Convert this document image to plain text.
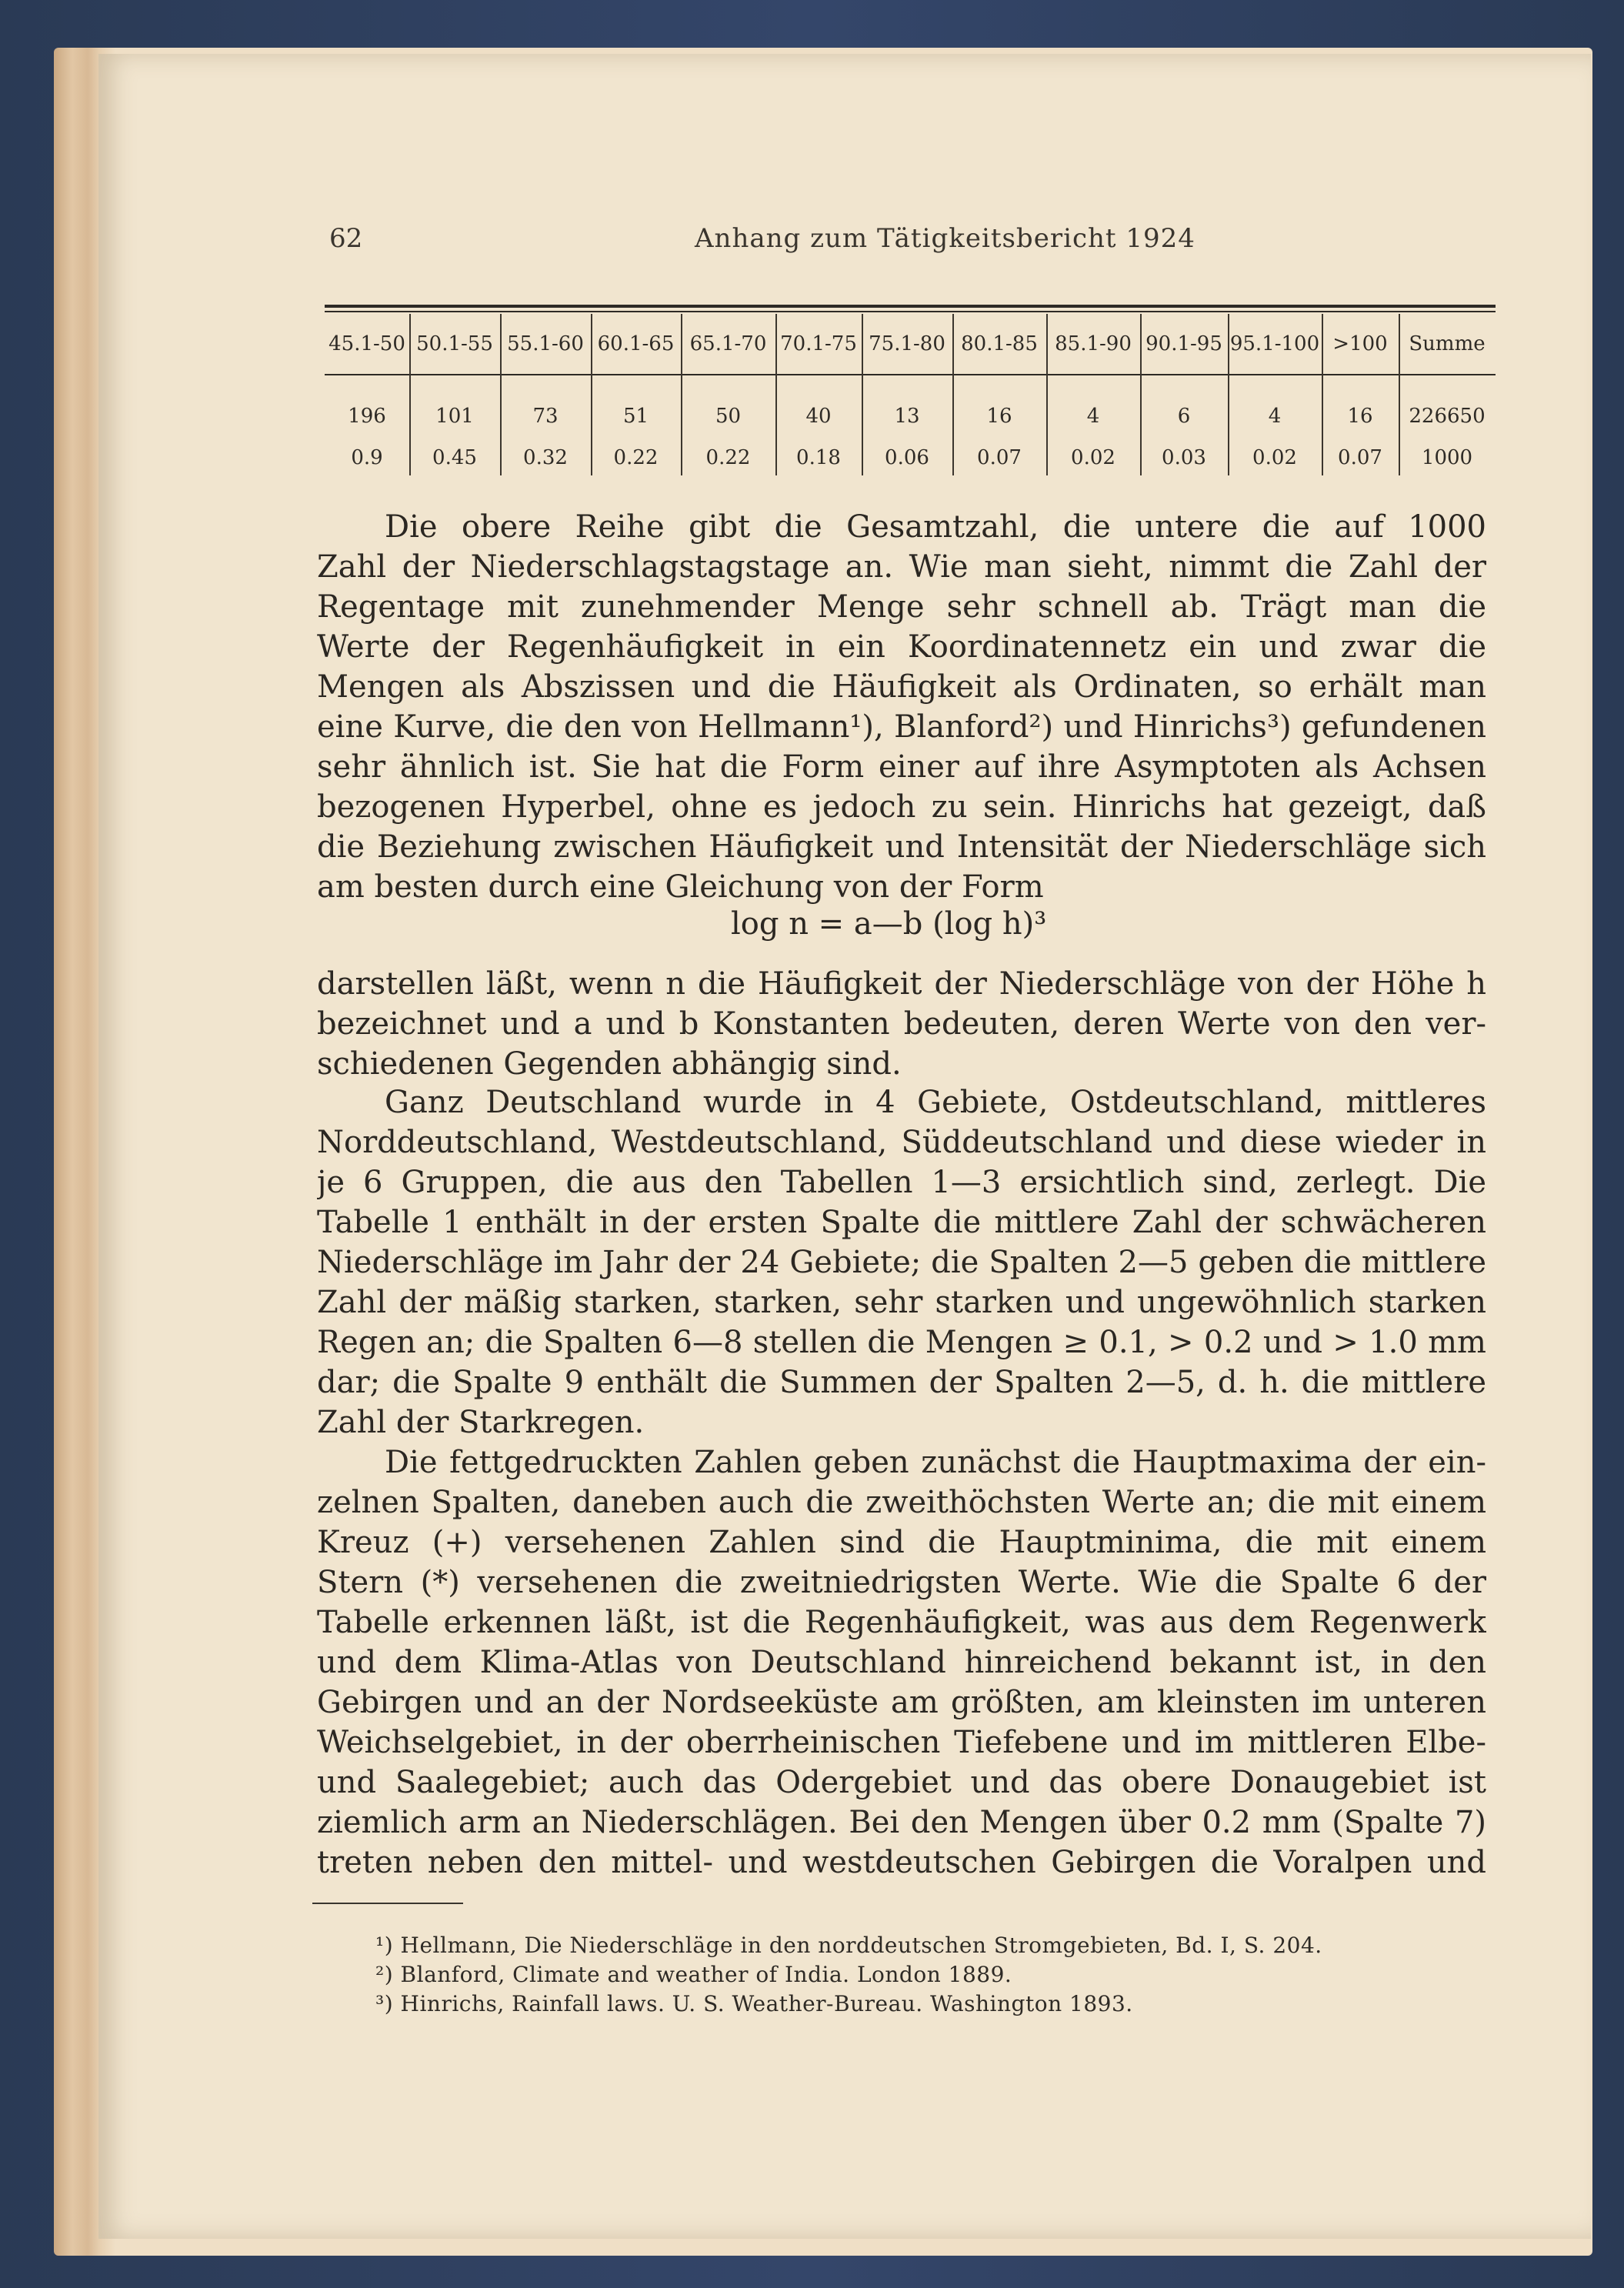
62	Anhang zum Tätigkeitsbericht 1924
45.1-50 50.1-55 55.1-60 60.1-65 65.1-70 70.1-75 75.1-80 80.1-85 85.1-90 90.1-95 95.1-100 >100	Summe
196	101	73	51	50	40	13	16	4	6	4	16	226650
0.9	0.45	0.32	0.22	0.22	0.18	0.06	0.07	0.02	0.03	0.02	0.07	1000
Die obere Reihe gibt die Gesamtzahl, die untere die auf 1000
Zahl der Niederschlagstagstage an. Wie man sieht, nimmt die Zahl der
Regentage mit zunehmender Menge sehr schnell ab. Trägt man die
Werte der Regenhäufigkeit in ein Koordinatennetz ein und zwar die
Mengen als Abszissen und die Häufigkeit als Ordinaten, so erhält man
eine Kurve, die den von Hellmann¹), Blanford²) und Hinrichs³) gefundenen
sehr ähnlich ist. Sie hat die Form einer auf ihre Asymptoten als Achsen
bezogenen Hyperbel, ohne es jedoch zu sein. Hinrichs hat gezeigt, daß
die Beziehung zwischen Häufigkeit und Intensität der Niederschläge sich
am besten durch eine Gleichung von der Form
darstellen läßt, wenn n die Häufigkeit der Niederschläge von der Höhe h
bezeichnet und a und b Konstanten bedeuten, deren Werte von den ver-
schiedenen Gegenden abhängig sind.
Ganz Deutschland wurde in 4 Gebiete, Ostdeutschland, mittleres
Norddeutschland, Westdeutschland, Süddeutschland und diese wieder in
je 6 Gruppen, die aus den Tabellen 1—3 ersichtlich sind, zerlegt. Die
Tabelle 1 enthält in der ersten Spalte die mittlere Zahl der schwächeren
Niederschläge im Jahr der 24 Gebiete; die Spalten 2—5 geben die mittlere
Zahl der mäßig starken, starken, sehr starken und ungewöhnlich starken
Regen an; die Spalten 6—8 stellen die Mengen ≥ 0.1, > 0.2 und > 1.0 mm
dar; die Spalte 9 enthält die Summen der Spalten 2—5, d. h. die mittlere
Zahl der Starkregen.
Die fettgedruckten Zahlen geben zunächst die Hauptmaxima der ein-
zelnen Spalten, daneben auch die zweithöchsten Werte an; die mit einem
Kreuz (+) versehenen Zahlen sind die Hauptminima, die mit einem
Stern (*) versehenen die zweitniedrigsten Werte. Wie die Spalte 6 der
Tabelle erkennen läßt, ist die Regenhäufigkeit, was aus dem Regenwerk
und dem Klima-Atlas von Deutschland hinreichend bekannt ist, in den
Gebirgen und an der Nordseeküste am größten, am kleinsten im unteren
Weichselgebiet, in der oberrheinischen Tiefebene und im mittleren Elbe-
und Saalegebiet; auch das Odergebiet und das obere Donaugebiet ist
ziemlich arm an Niederschlägen. Bei den Mengen über 0.2 mm (Spalte 7)
treten neben den mittel- und westdeutschen Gebirgen die Voralpen und
log n = a—b (log h)³
¹) Hellmann, Die Niederschläge in den norddeutschen Stromgebieten, Bd. I, S. 204.
²) Blanford, Climate and weather of India. London 1889.
³) Hinrichs, Rainfall laws. U. S. Weather-Bureau. Washington 1893.
